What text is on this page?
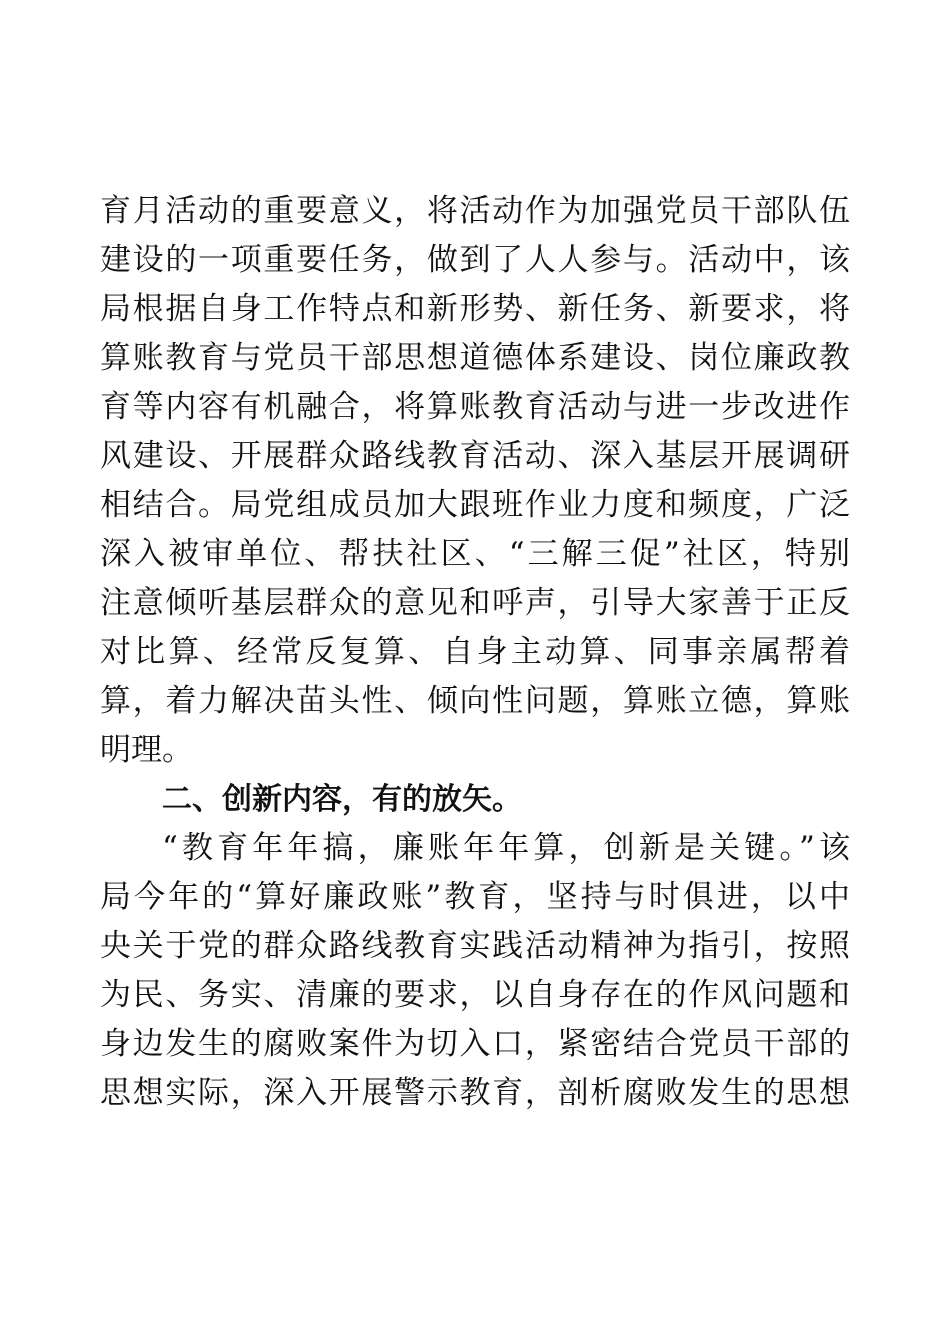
育月活动的重要意义，将活动作为加强党员干部队伍
建设的一项重要任务，做到了人人参与。活动中，该
局根据自身工作特点和新形势、新任务、新要求，将
算账教育与党员干部思想道德体系建设、岗位廉政教
育等内容有机融合，将算账教育活动与进一步改进作
风建设、开展群众路线教育活动、深入基层开展调研
相结合。局党组成员加大跟班作业力度和频度，广泛
深入被审单位、帮扶社区、“三解三促”社区，特别
注意倾听基层群众的意见和呼声，引导大家善于正反
对比算、经常反复算、自身主动算、同事亲属帮着
算，着力解决苗头性、倾向性问题，算账立德，算账
明理。
二、创新内容，有的放矢。
“教育年年搞，廉账年年算，创新是关键。”该
局今年的“算好廉政账”教育，坚持与时俱进，以中
央关于党的群众路线教育实践活动精神为指引，按照
为民、务实、清廉的要求，以自身存在的作风问题和
身边发生的腐败案件为切入口，紧密结合党员干部的
思想实际，深入开展警示教育，剖析腐败发生的思想
